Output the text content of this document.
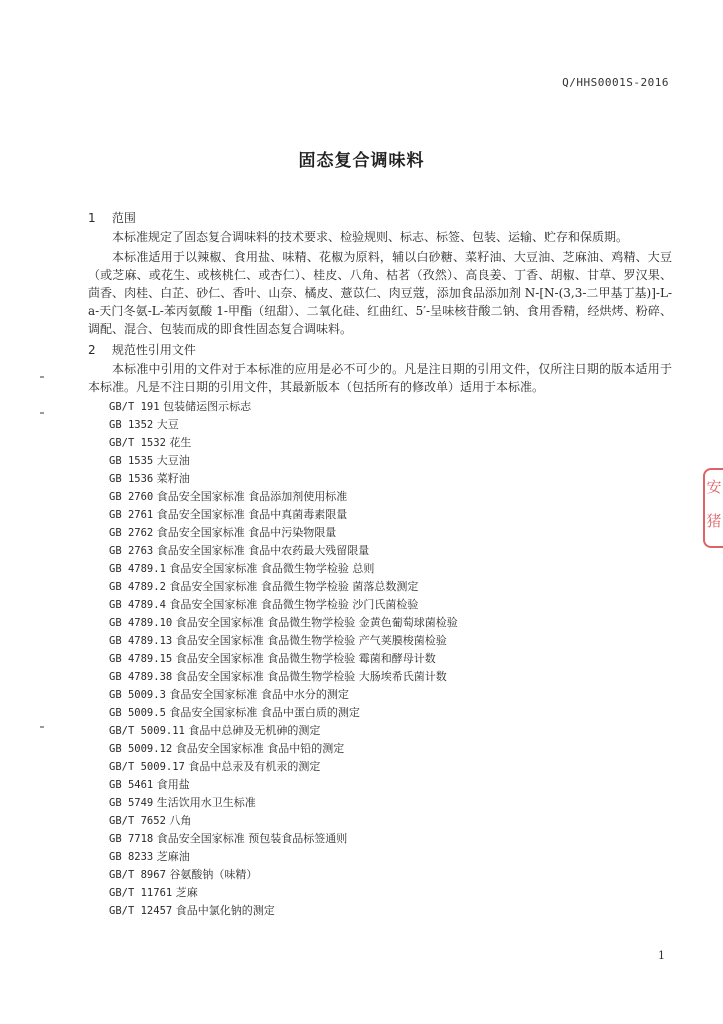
Q/HHS0001S-2016
固态复合调味料
1 范围

本标准规定了固态复合调味料的技术要求、检验规则、标志、标签、包装、运输、贮存和保质期。

本标准适用于以辣椒、食用盐、味精、花椒为原料，辅以白砂糖、菜籽油、大豆油、芝麻油、鸡精、大豆（或芝麻、或花生、或核桃仁、或杏仁）、桂皮、八角、枯茗（孜然）、高良姜、丁香、胡椒、甘草、罗汉果、茴香、肉桂、白芷、砂仁、香叶、山奈、橘皮、薏苡仁、肉豆蔻，添加食品添加剂 N-[N-(3,3-二甲基丁基)]-L-a-天门冬氨-L-苯丙氨酸 1-甲酯（纽甜）、二氧化硅、红曲红、5′-呈味核苷酸二钠、食用香精，经烘烤、粉碎、调配、混合、包装而成的即食性固态复合调味料。

2 规范性引用文件

本标准中引用的文件对于本标准的应用是必不可少的。凡是注日期的引用文件，仅所注日期的版本适用于本标准。凡是不注日期的引用文件，其最新版本（包括所有的修改单）适用于本标准。

GB/T 191 包装储运图示标志
GB 1352 大豆
GB/T 1532 花生
GB 1535 大豆油
GB 1536 菜籽油
GB 2760 食品安全国家标准 食品添加剂使用标准
GB 2761 食品安全国家标准 食品中真菌毒素限量
GB 2762 食品安全国家标准 食品中污染物限量
GB 2763 食品安全国家标准 食品中农药最大残留限量
GB 4789.1 食品安全国家标准 食品微生物学检验 总则
GB 4789.2 食品安全国家标准 食品微生物学检验 菌落总数测定
GB 4789.4 食品安全国家标准 食品微生物学检验 沙门氏菌检验
GB 4789.10 食品安全国家标准 食品微生物学检验 金黄色葡萄球菌检验
GB 4789.13 食品安全国家标准 食品微生物学检验 产气荚膜梭菌检验
GB 4789.15 食品安全国家标准 食品微生物学检验 霉菌和酵母计数
GB 4789.38 食品安全国家标准 食品微生物学检验 大肠埃希氏菌计数
GB 5009.3 食品安全国家标准 食品中水分的测定
GB 5009.5 食品安全国家标准 食品中蛋白质的测定
GB/T 5009.11 食品中总砷及无机砷的测定
GB 5009.12 食品安全国家标准 食品中铅的测定
GB/T 5009.17 食品中总汞及有机汞的测定
GB 5461 食用盐
GB 5749 生活饮用水卫生标准
GB/T 7652 八角
GB 7718 食品安全国家标准 预包装食品标签通则
GB 8233 芝麻油
GB/T 8967 谷氨酸钠（味精）
GB/T 11761 芝麻
GB/T 12457 食品中氯化钠的测定
1
安
猪
